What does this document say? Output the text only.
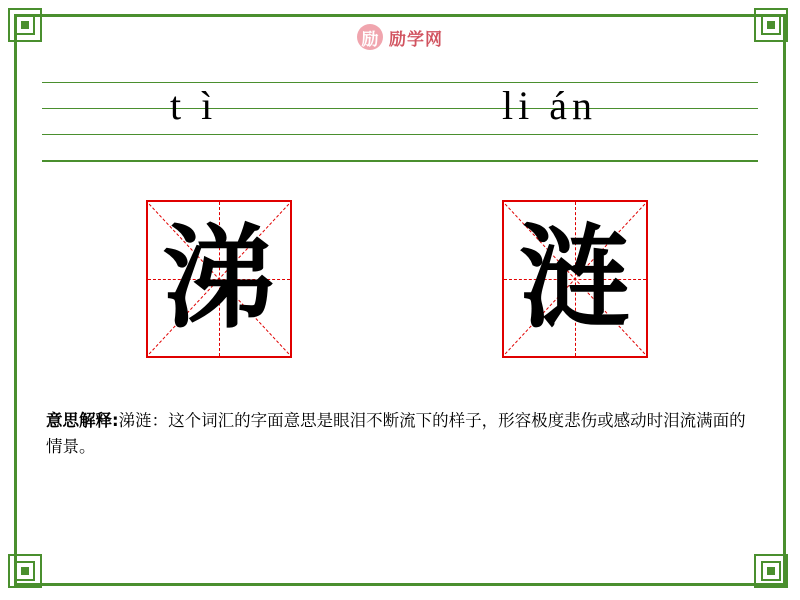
励 励学网
t ì	li án
涕 涟
意思解释:涕涟：这个词汇的字面意思是眼泪不断流下的样子，形容极度悲伤或感动时泪流满面的情景。
